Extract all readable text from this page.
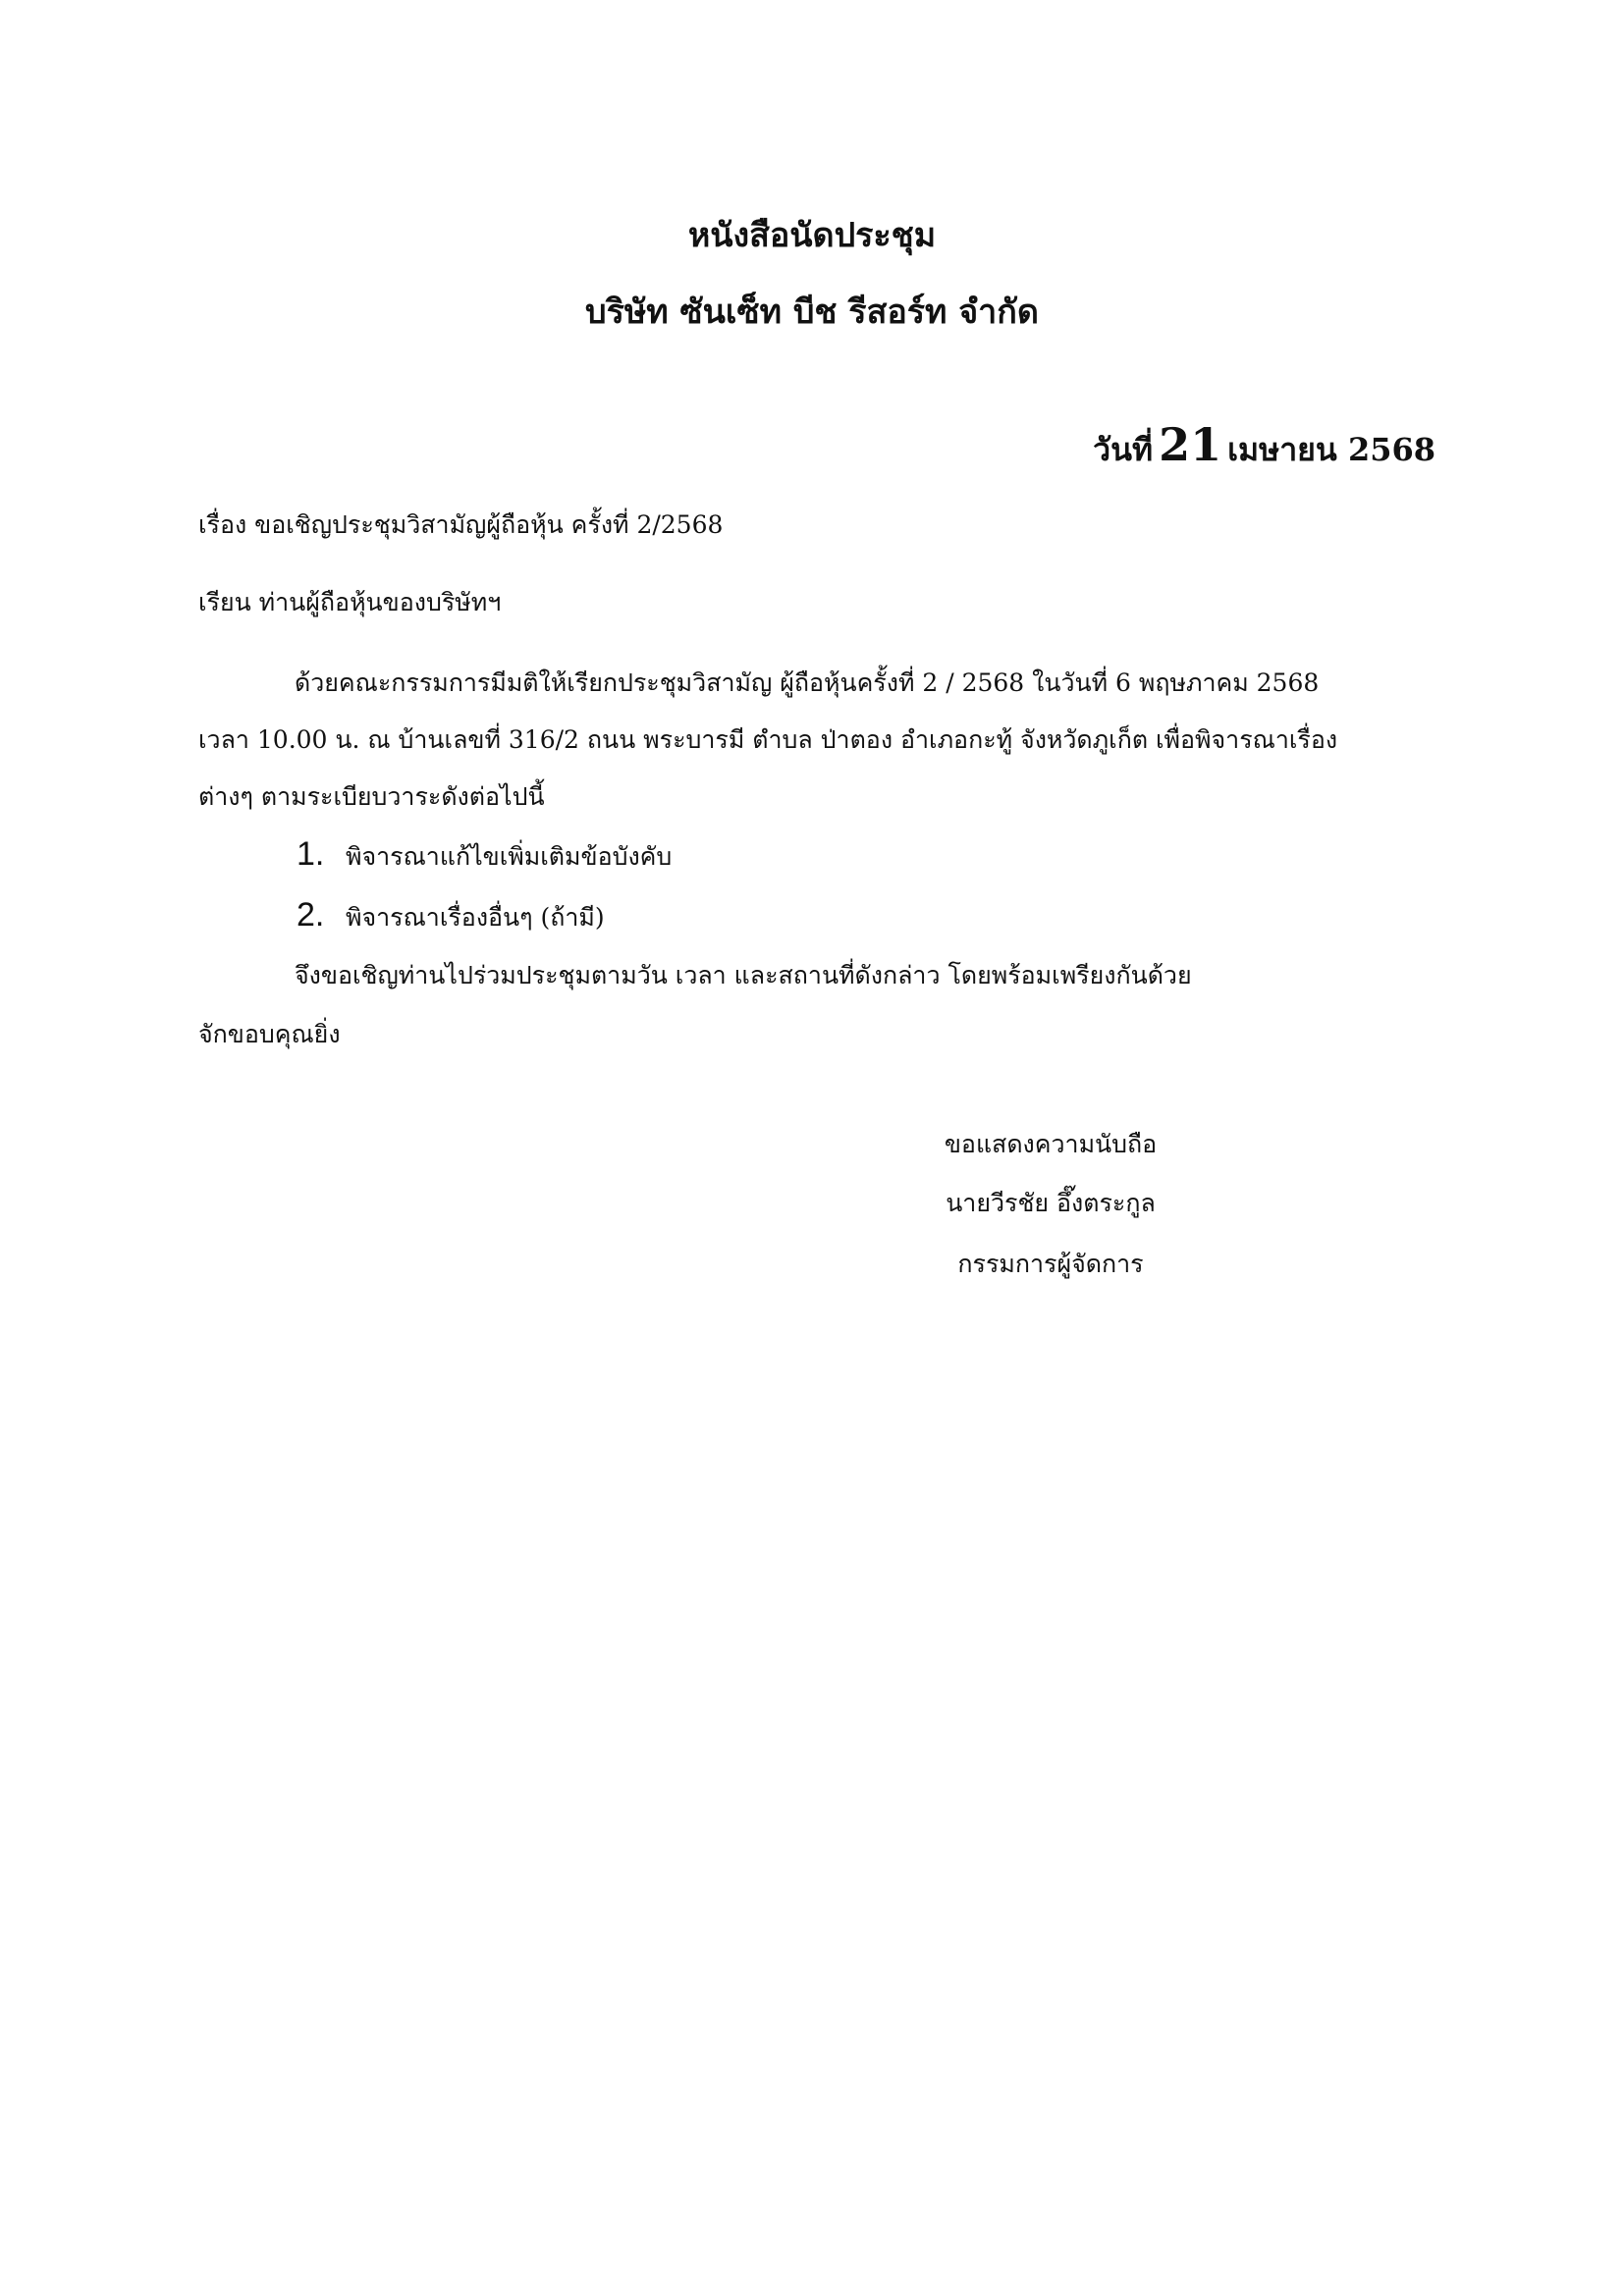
หนังสือนัดประชุม
บริษัท ซันเซ็ท บีช รีสอร์ท จำกัด
วันที่ 21 เมษายน 2568
เรื่อง ขอเชิญประชุมวิสามัญผู้ถือหุ้น ครั้งที่ 2/2568
เรียน ท่านผู้ถือหุ้นของบริษัทฯ
ด้วยคณะกรรมการมีมติให้เรียกประชุมวิสามัญ ผู้ถือหุ้นครั้งที่ 2 / 2568 ในวันที่ 6 พฤษภาคม 2568
เวลา 10.00 น. ณ บ้านเลขที่ 316/2 ถนน พระบารมี ตำบล ป่าตอง อำเภอกะทู้ จังหวัดภูเก็ต เพื่อพิจารณาเรื่อง
ต่างๆ ตามระเบียบวาระดังต่อไปนี้
1. พิจารณาแก้ไขเพิ่มเติมข้อบังคับ
2. พิจารณาเรื่องอื่นๆ (ถ้ามี)
จึงขอเชิญท่านไปร่วมประชุมตามวัน เวลา และสถานที่ดังกล่าว โดยพร้อมเพรียงกันด้วย
จักขอบคุณยิ่ง
ขอแสดงความนับถือ
นายวีรชัย อึ๊งตระกูล
กรรมการผู้จัดการ
